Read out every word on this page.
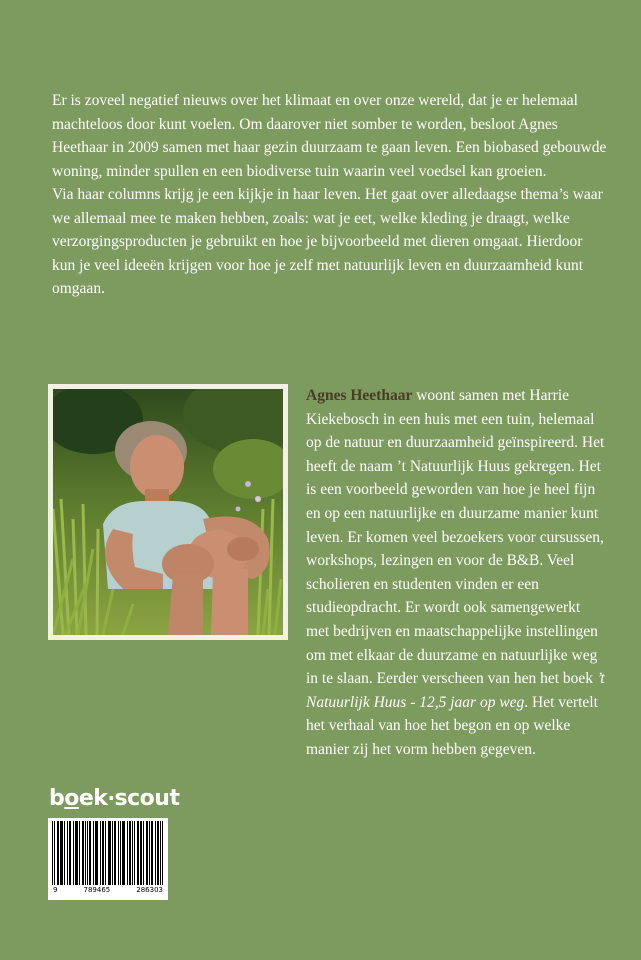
Er is zoveel negatief nieuws over het klimaat en over onze wereld, dat je er helemaal machteloos door kunt voelen. Om daarover niet somber te worden, besloot Agnes Heethaar in 2009 samen met haar gezin duurzaam te gaan leven. Een biobased gebouwde woning, minder spullen en een biodiverse tuin waarin veel voedsel kan groeien.

Via haar columns krijg je een kijkje in haar leven. Het gaat over alledaagse thema’s waar we allemaal mee te maken hebben, zoals: wat je eet, welke kleding je draagt, welke verzorgingsproducten je gebruikt en hoe je bijvoorbeeld met dieren omgaat. Hierdoor kun je veel ideeën krijgen voor hoe je zelf met natuurlijk leven en duurzaamheid kunt omgaan.

Agnes Heethaar woont samen met Harrie Kiekebosch in een huis met een tuin, helemaal op de natuur en duurzaamheid geïnspireerd. Het heeft de naam ’t Natuurlijk Huus gekregen. Het is een voorbeeld geworden van hoe je heel fijn en op een natuurlijke en duurzame manier kunt leven. Er komen veel bezoekers voor cursussen, workshops, lezingen en voor de B&B. Veel scholieren en studenten vinden er een studieopdracht. Er wordt ook samengewerkt met bedrijven en maatschappelijke instellingen om met elkaar de duurzame en natuurlijke weg in te slaan. Eerder verscheen van hen het boek ’t Natuurlijk Huus - 12,5 jaar op weg. Het vertelt het verhaal van hoe het begon en op welke manier zij het vorm hebben gegeven.

boek·scout
9	789465	286303
